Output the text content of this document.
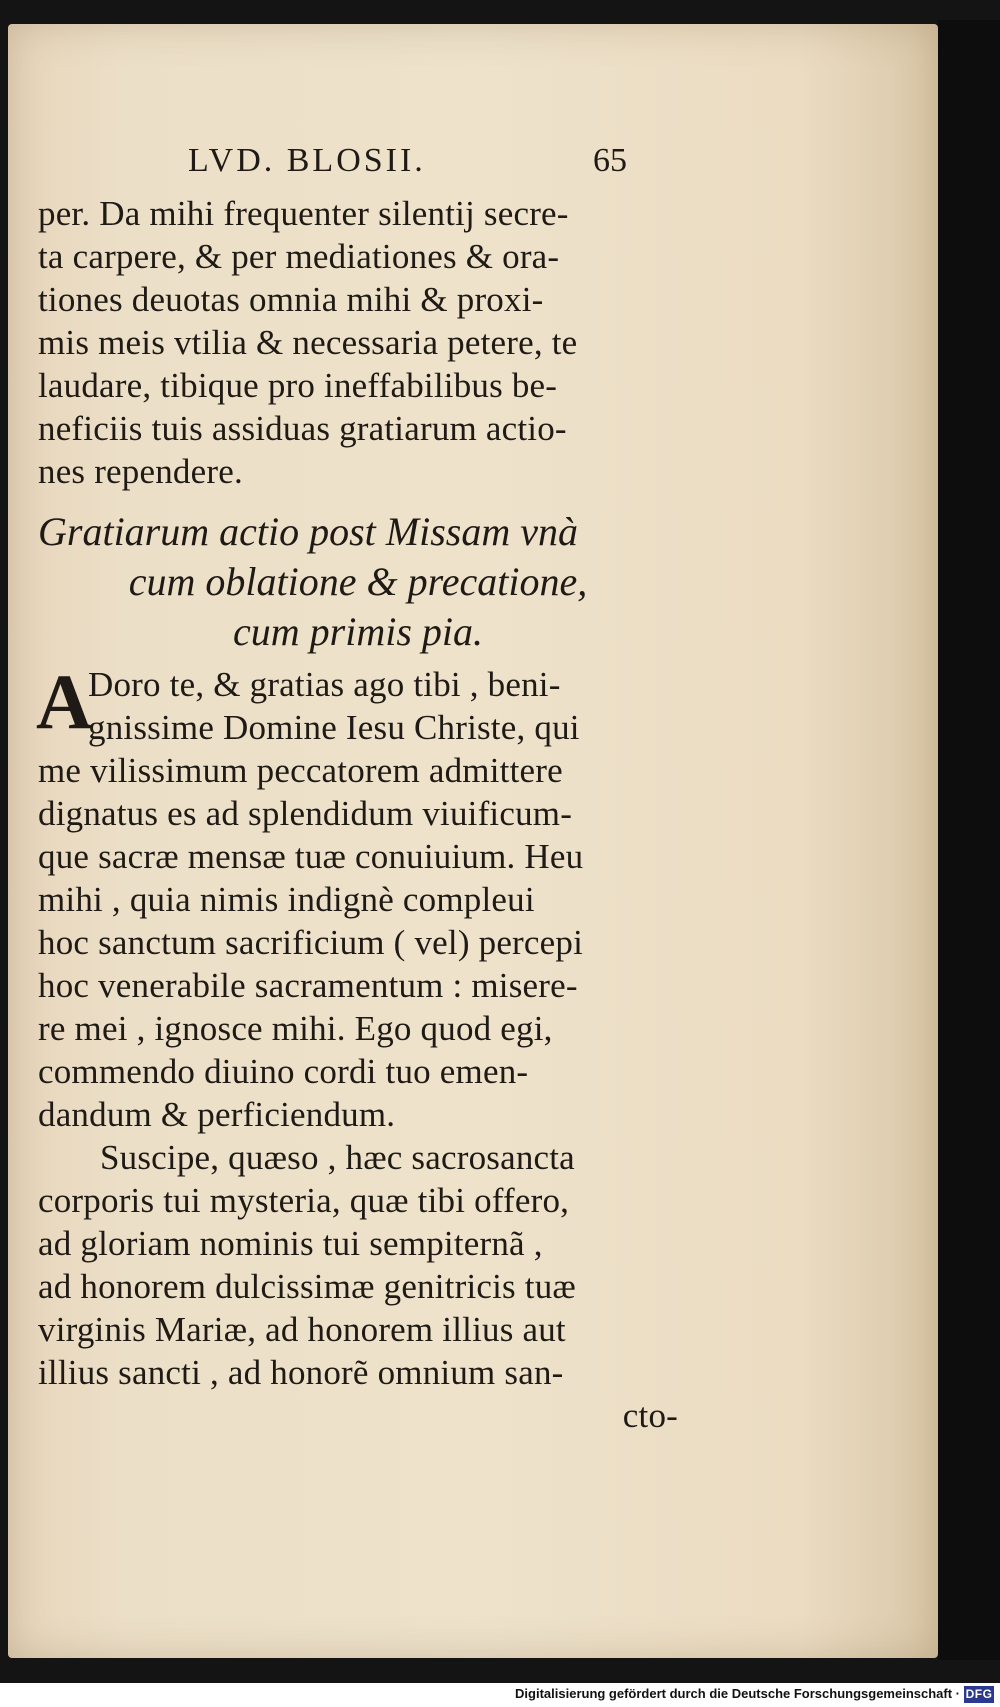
LVD. BLOSII.	65
per. Da mihi frequenter silentij secre-
ta carpere, & per mediationes & ora-
tiones deuotas omnia mihi & proxi-
mis meis vtilia & necessaria petere, te
laudare, tibique pro ineffabilibus be-
neficiis tuis assiduas gratiarum actio-
nes rependere.
Gratiarum actio post Missam vnà
cum oblatione & precatione,
cum primis pia.
A
Doro te, & gratias ago tibi , beni-
gnissime Domine Iesu Christe, qui
me vilissimum peccatorem admittere
dignatus es ad splendidum viuificum-
que sacræ mensæ tuæ conuiuium. Heu
mihi , quia nimis indignè compleui
hoc sanctum sacrificium ( vel) percepi
hoc venerabile sacramentum : misere-
re mei , ignosce mihi. Ego quod egi,
commendo diuino cordi tuo emen-
dandum & perficiendum.
Suscipe, quæso , hæc sacrosancta
corporis tui mysteria, quæ tibi offero,
ad gloriam nominis tui sempiternã ,
ad honorem dulcissimæ genitricis tuæ
virginis Mariæ, ad honorem illius aut
illius sancti , ad honorẽ omnium san-
cto-
Digitalisierung gefördert durch die Deutsche Forschungsgemeinschaft · DFG
